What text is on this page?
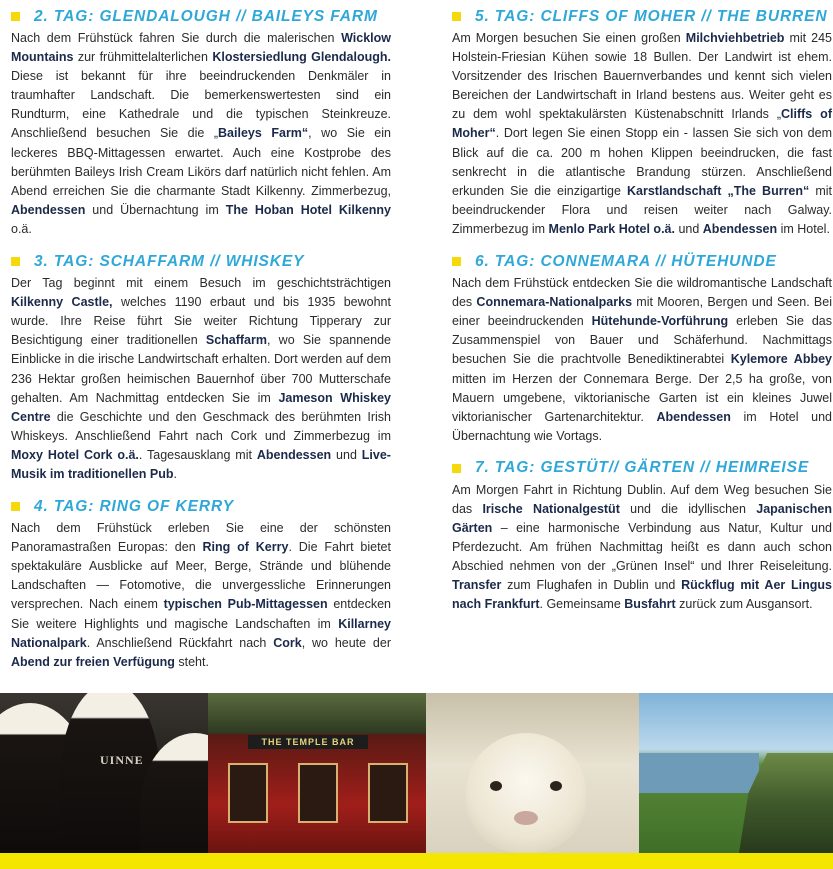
2. TAG: GLENDALOUGH // BAILEYS FARM

Nach dem Frühstück fahren Sie durch die malerischen Wicklow Mountains zur frühmittelalterlichen Klostersiedlung Glendalough. Diese ist bekannt für ihre beeindruckenden Denkmäler in traumhafter Landschaft. Die bemerkenswertesten sind ein Rundturm, eine Kathedrale und die typischen Steinkreuze. Anschließend besuchen Sie die „Baileys Farm“, wo Sie ein leckeres BBQ-Mittagessen erwartet. Auch eine Kostprobe des berühmten Baileys Irish Cream Likörs darf natürlich nicht fehlen. Am Abend erreichen Sie die charmante Stadt Kilkenny. Zimmerbezug, Abendessen und Übernachtung im The Hoban Hotel Kilkenny o.ä.

3. TAG: SCHAFFARM // WHISKEY

Der Tag beginnt mit einem Besuch im geschichtsträchtigen Kilkenny Castle, welches 1190 erbaut und bis 1935 bewohnt wurde. Ihre Reise führt Sie weiter Richtung Tipperary zur Besichtigung einer traditionellen Schaffarm, wo Sie spannende Einblicke in die irische Landwirtschaft erhalten. Dort werden auf dem 236 Hektar großen heimischen Bauernhof über 700 Mutterschafe gehalten. Am Nachmittag entdecken Sie im Jameson Whiskey Centre die Geschichte und den Geschmack des berühmten Irish Whiskeys. Anschließend Fahrt nach Cork und Zimmerbezug im Moxy Hotel Cork o.ä.. Tagesausklang mit Abendessen und Live-Musik im traditionellen Pub.

4. TAG: RING OF KERRY

Nach dem Frühstück erleben Sie eine der schönsten Panoramastraßen Europas: den Ring of Kerry. Die Fahrt bietet spektakuläre Ausblicke auf Meer, Berge, Strände und blühende Landschaften — Fotomotive, die unvergessliche Erinnerungen versprechen. Nach einem typischen Pub-Mittagessen entdecken Sie weitere Highlights und magische Landschaften im Killarney Nationalpark. Anschließend Rückfahrt nach Cork, wo heute der Abend zur freien Verfügung steht.

5. TAG: CLIFFS OF MOHER // THE BURREN

Am Morgen besuchen Sie einen großen Milchviehbetrieb mit 245 Holstein-Friesian Kühen sowie 18 Bullen. Der Landwirt ist ehem. Vorsitzender des Irischen Bauernverbandes und kennt sich vielen Bereichen der Landwirtschaft in Irland bestens aus. Weiter geht es zu dem wohl spektakulärsten Küstenabschnitt Irlands „Cliffs of Moher“. Dort legen Sie einen Stopp ein - lassen Sie sich von dem Blick auf die ca. 200 m hohen Klippen beeindrucken, die fast senkrecht in die atlantische Brandung stürzen. Anschließend erkunden Sie die einzigartige Karstlandschaft „The Burren“ mit beeindruckender Flora und reisen weiter nach Galway. Zimmerbezug im Menlo Park Hotel o.ä. und Abendessen im Hotel.

6. TAG: CONNEMARA // HÜTEHUNDE

Nach dem Frühstück entdecken Sie die wildromantische Landschaft des Connemara-Nationalparks mit Mooren, Bergen und Seen. Bei einer beeindruckenden Hütehunde-Vorführung erleben Sie das Zusammenspiel von Bauer und Schäferhund. Nachmittags besuchen Sie die prachtvolle Benediktinerabtei Kylemore Abbey mitten im Herzen der Connemara Berge. Der 2,5 ha große, von Mauern umgebene, viktorianische Garten ist ein kleines Juwel viktorianischer Gartenarchitektur. Abendessen im Hotel und Übernachtung wie Vortags.

7. TAG: GESTÜT// GÄRTEN // HEIMREISE

Am Morgen Fahrt in Richtung Dublin. Auf dem Weg besuchen Sie das Irische Nationalgestüt und die idyllischen Japanischen Gärten – eine harmonische Verbindung aus Natur, Kultur und Pferdezucht. Am frühen Nachmittag heißt es dann auch schon Abschied nehmen von der „Grünen Insel“ und Ihrer Reiseleitung. Transfer zum Flughafen in Dublin und Rückflug mit Aer Lingus nach Frankfurt. Gemeinsame Busfahrt zurück zum Ausgansort.

UINNE
THE TEMPLE BAR
